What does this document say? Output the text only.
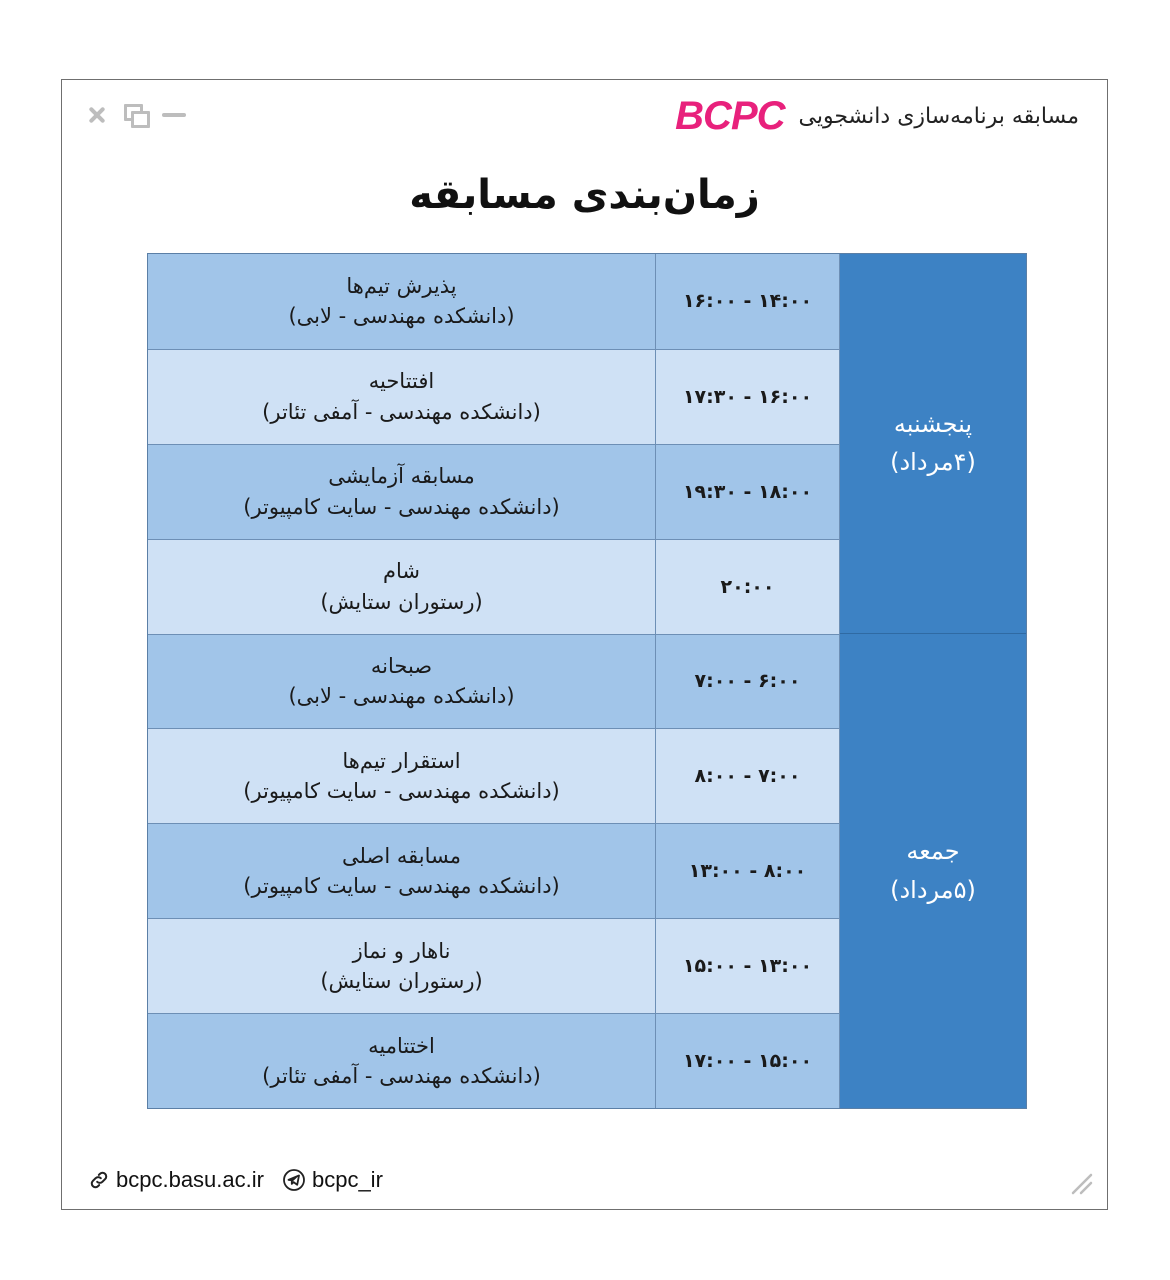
BCPC مسابقه برنامه‌سازی دانشجویی
زمان‌بندی مسابقه
پنجشنبه
(۴مرداد)
جمعه
(۵مرداد)
۱۴:۰۰ - ۱۶:۰۰
پذیرش تیم‌ها
(دانشکده مهندسی - لابی)
۱۶:۰۰ - ۱۷:۳۰
افتتاحیه
(دانشکده مهندسی - آمفی تئاتر)
۱۸:۰۰ - ۱۹:۳۰
مسابقه آزمایشی
(دانشکده مهندسی - سایت کامپیوتر)
۲۰:۰۰
شام
(رستوران ستایش)
۶:۰۰ - ۷:۰۰
صبحانه
(دانشکده مهندسی - لابی)
۷:۰۰ - ۸:۰۰
استقرار تیم‌ها
(دانشکده مهندسی - سایت کامپیوتر)
۸:۰۰ - ۱۳:۰۰
مسابقه اصلی
(دانشکده مهندسی - سایت کامپیوتر)
۱۳:۰۰ - ۱۵:۰۰
ناهار و نماز
(رستوران ستایش)
۱۵:۰۰ - ۱۷:۰۰
اختتامیه
(دانشکده مهندسی - آمفی تئاتر)
bcpc.basu.ac.ir bcpc_ir
